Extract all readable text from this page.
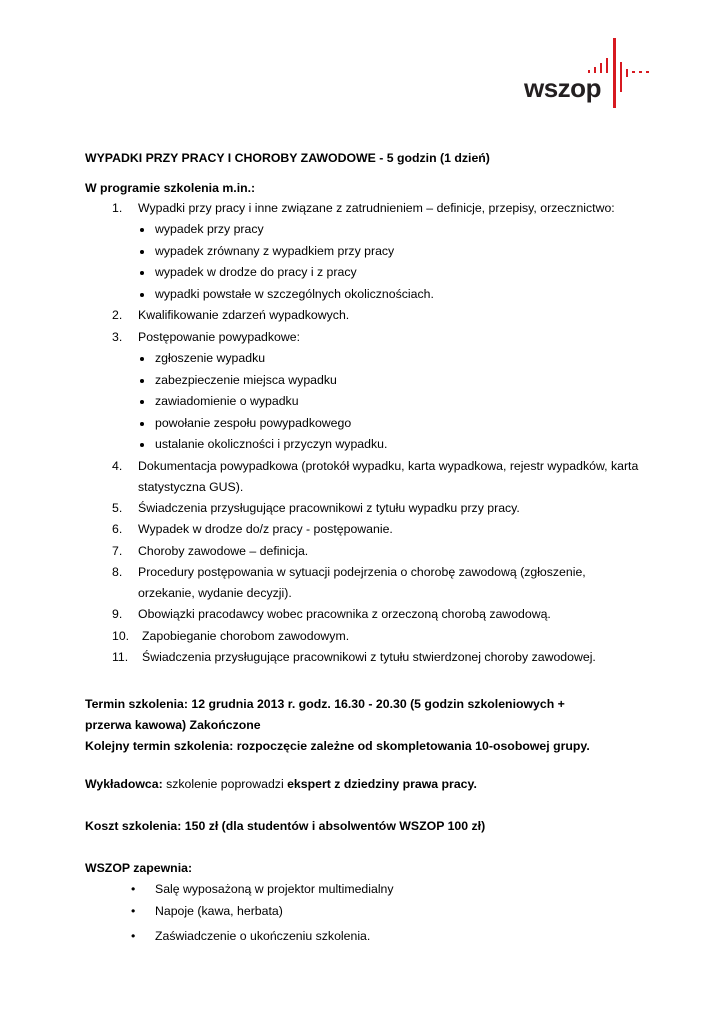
wszop
WYPADKI PRZY PRACY I CHOROBY ZAWODOWE - 5 godzin (1 dzień)
W programie szkolenia m.in.:
1. Wypadki przy pracy i inne związane z zatrudnieniem – definicje, przepisy, orzecznictwo:
wypadek przy pracy
wypadek zrównany z wypadkiem przy pracy
wypadek w drodze do pracy i z pracy
wypadki powstałe w szczególnych okolicznościach.
2. Kwalifikowanie zdarzeń wypadkowych.
3. Postępowanie powypadkowe:
zgłoszenie wypadku
zabezpieczenie miejsca wypadku
zawiadomienie o wypadku
powołanie zespołu powypadkowego
ustalanie okoliczności i przyczyn wypadku.
4. Dokumentacja powypadkowa (protokół wypadku, karta wypadkowa, rejestr wypadków, karta
statystyczna GUS).
5. Świadczenia przysługujące pracownikowi z tytułu wypadku przy pracy.
6. Wypadek w drodze do/z pracy - postępowanie.
7. Choroby zawodowe – definicja.
8. Procedury postępowania w sytuacji podejrzenia o chorobę zawodową (zgłoszenie,
orzekanie, wydanie decyzji).
9. Obowiązki pracodawcy wobec pracownika z orzeczoną chorobą zawodową.
10. Zapobieganie chorobom zawodowym.
11. Świadczenia przysługujące pracownikowi z tytułu stwierdzonej choroby zawodowej.
Termin szkolenia: 12 grudnia 2013 r. godz. 16.30 - 20.30 (5 godzin szkoleniowych +
przerwa kawowa) Zakończone
Kolejny termin szkolenia: rozpoczęcie zależne od skompletowania 10-osobowej grupy.
Wykładowca: szkolenie poprowadzi ekspert z dziedziny prawa pracy.
Koszt szkolenia: 150 zł (dla studentów i absolwentów WSZOP 100 zł)
WSZOP zapewnia:
• Salę wyposażoną w projektor multimedialny
• Napoje (kawa, herbata)
• Zaświadczenie o ukończeniu szkolenia.
